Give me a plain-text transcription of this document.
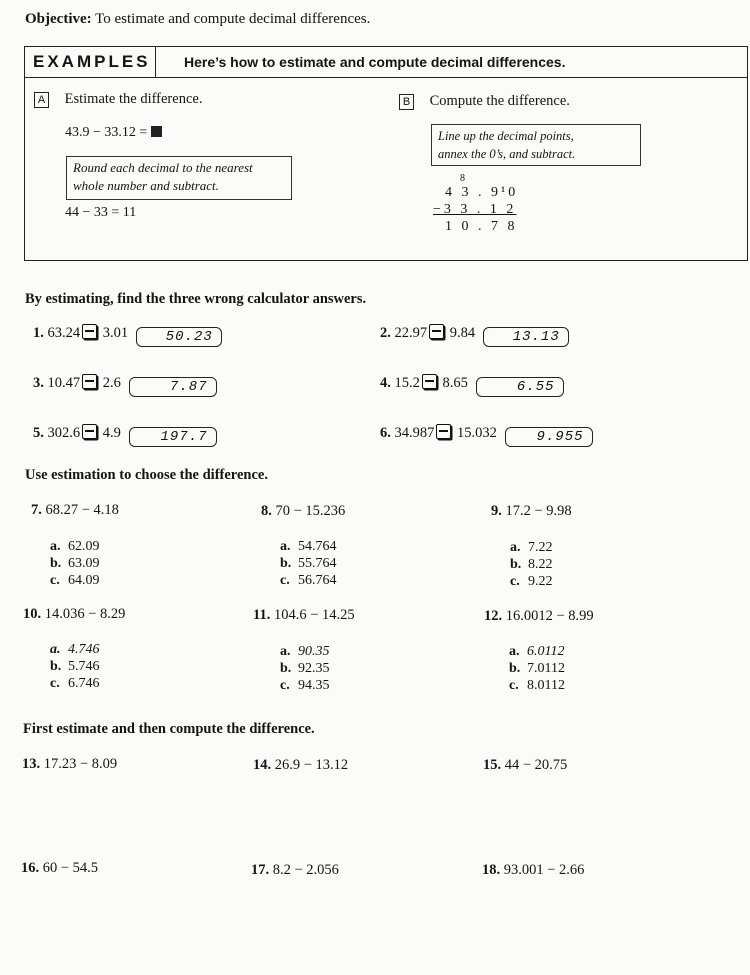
Objective: To estimate and compute decimal differences.
EXAMPLES	Here’s how to estimate and compute decimal differences.
A Estimate the difference.
43.9 − 33.12 =
Round each decimal to the nearest
whole number and subtract.
44 − 33 = 11
B Compute the difference.
Line up the decimal points,
annex the 0’s, and subtract.
8
4 3 . 9¹0
−3 3 . 1 2
1 0 . 7 8
By estimating, find the three wrong calculator answers.
1. 63.24 3.01	50.23	2. 22.97 9.84	13.13
3. 10.47 2.6	7.87	4. 15.2 8.65	6.55
5. 302.6 4.9	197.7	6. 34.987 15.032	9.955
Use estimation to choose the difference.
7. 68.27 − 4.18
a. 62.09
b. 63.09
c. 64.09
8. 70 − 15.236
a. 54.764
b. 55.764
c. 56.764
9. 17.2 − 9.98
a. 7.22
b. 8.22
c. 9.22
10. 14.036 − 8.29
a. 4.746
b. 5.746
c. 6.746
11. 104.6 − 14.25
a. 90.35
b. 92.35
c. 94.35
12. 16.0012 − 8.99
a. 6.0112
b. 7.0112
c. 8.0112
First estimate and then compute the difference.
13. 17.23 − 8.09	14. 26.9 − 13.12	15. 44 − 20.75
16. 60 − 54.5	17. 8.2 − 2.056	18. 93.001 − 2.66
